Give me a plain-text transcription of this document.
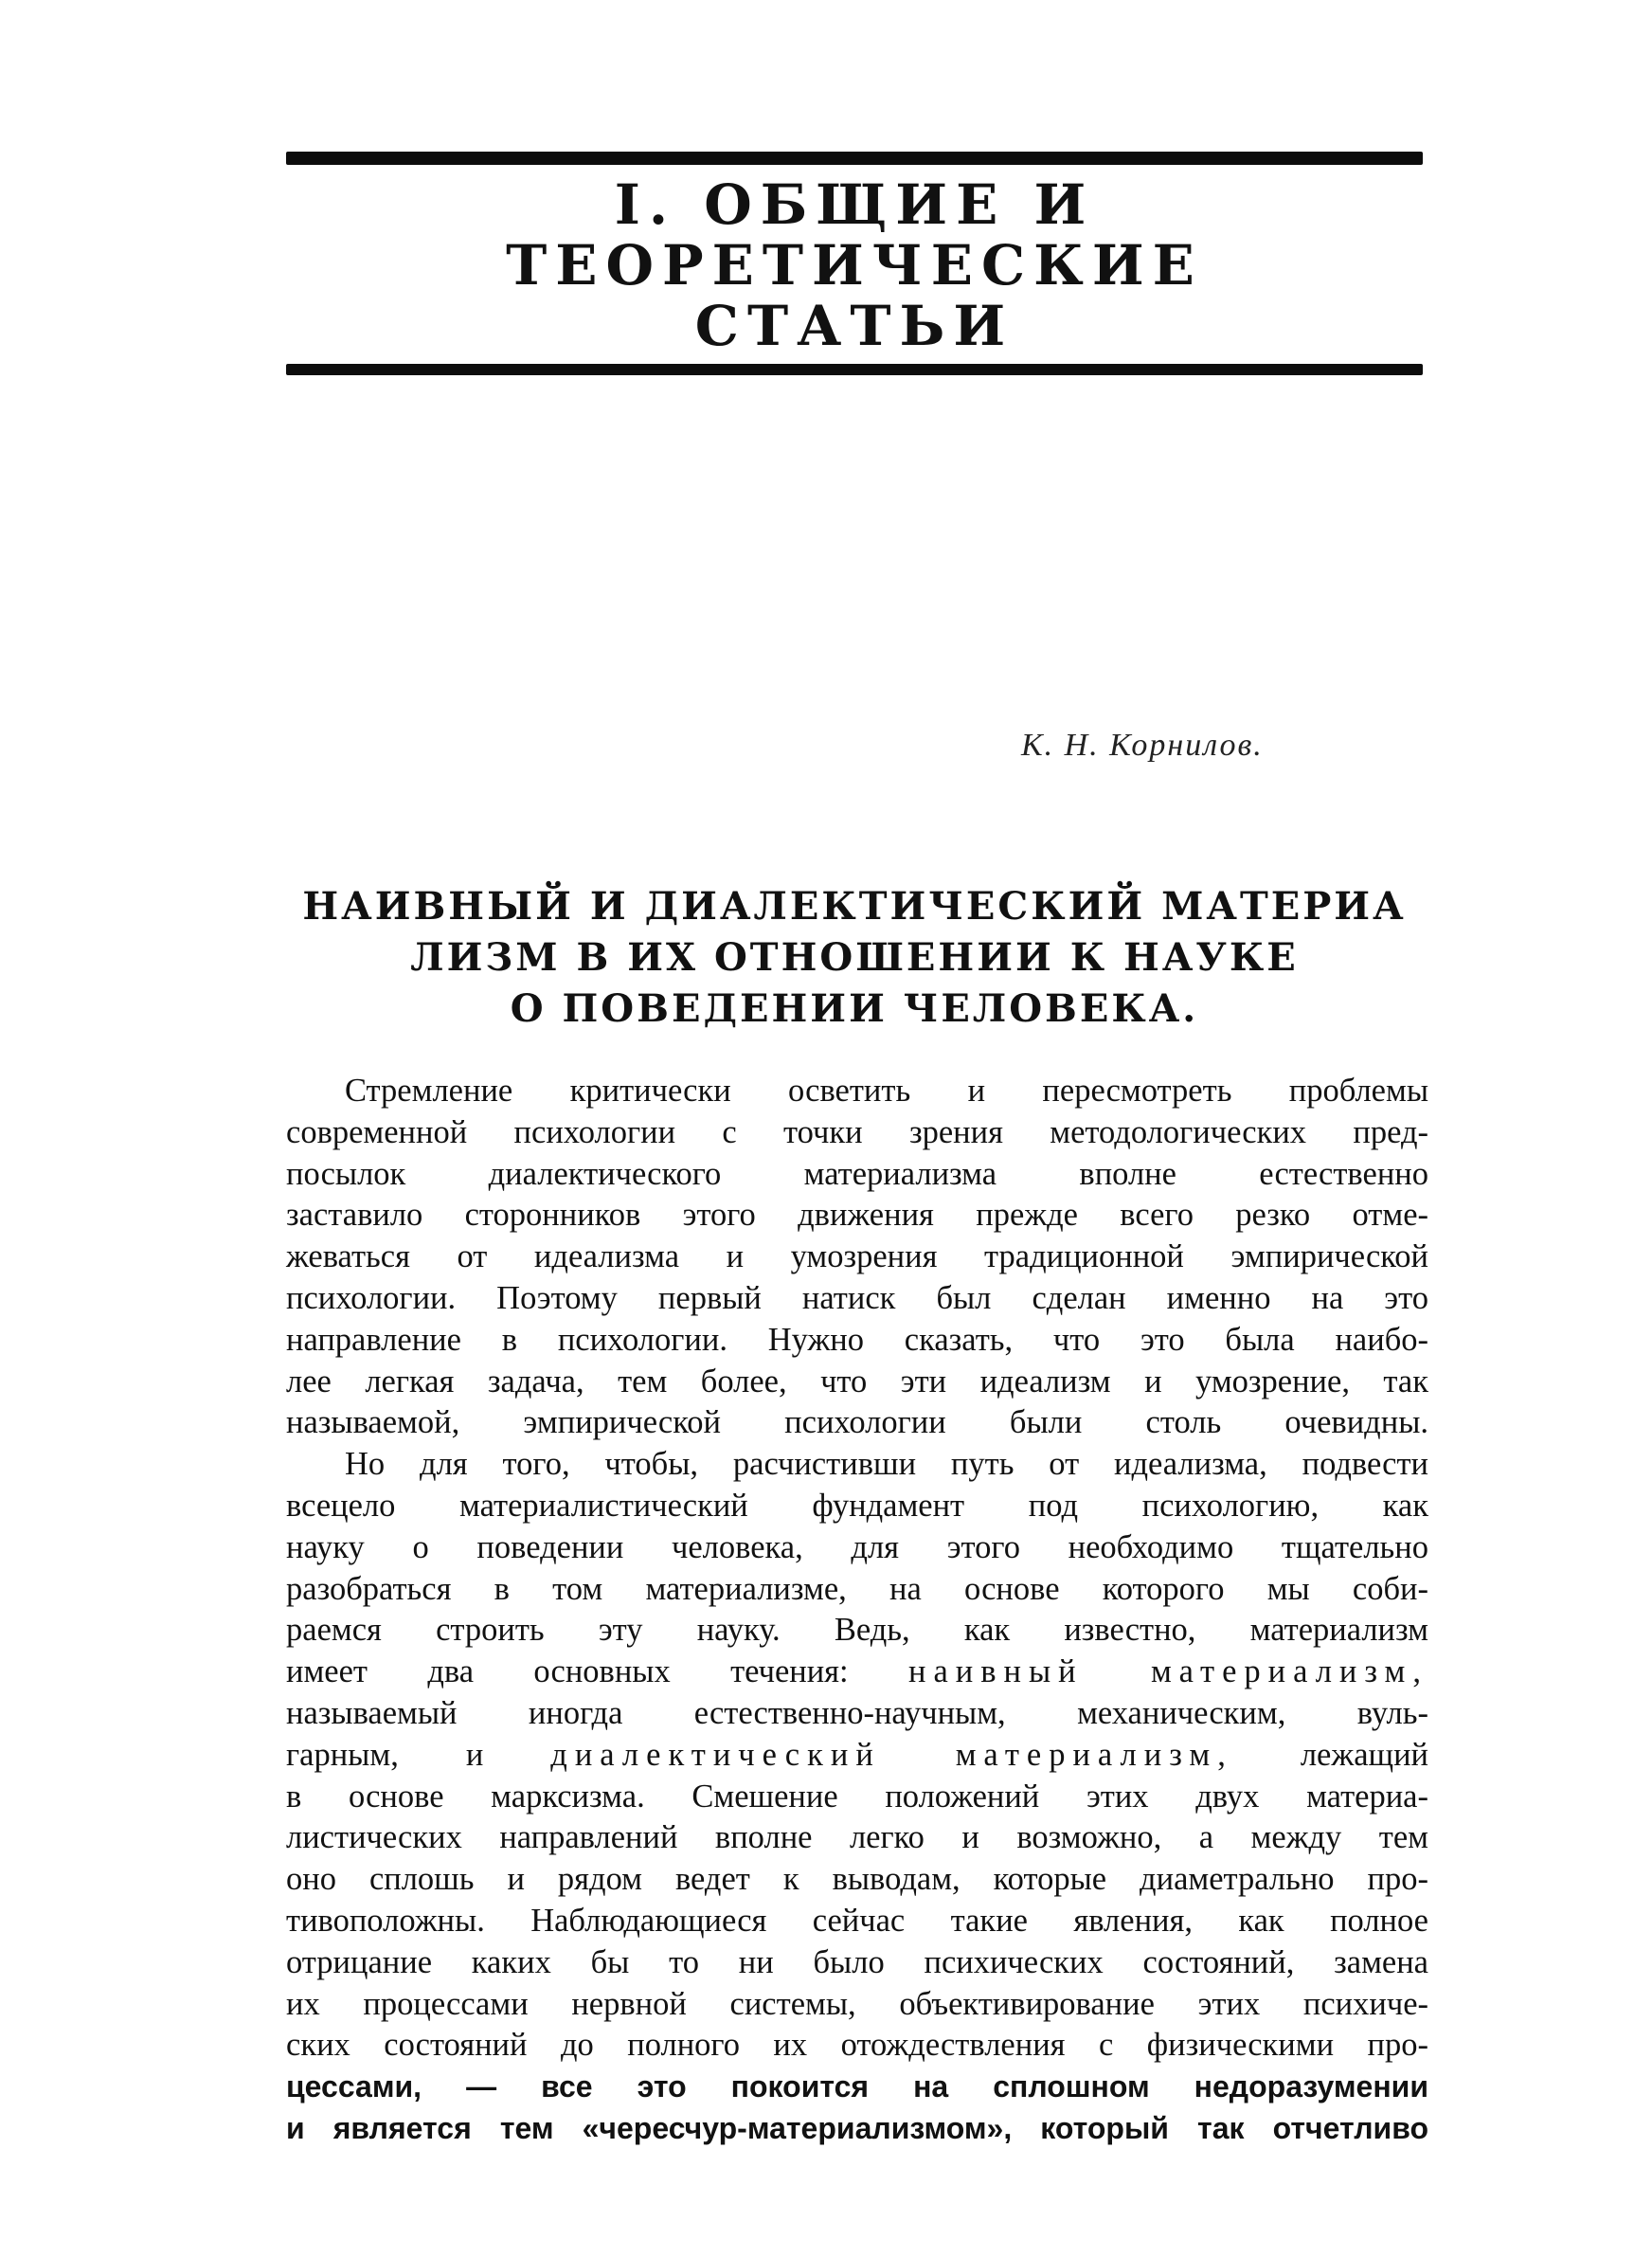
I. ОБЩИЕ И ТЕОРЕТИЧЕСКИЕ
СТАТЬИ
К. Н. Корнилов.
НАИВНЫЙ И ДИАЛЕКТИЧЕСКИЙ МАТЕРИА
ЛИЗМ В ИХ ОТНОШЕНИИ К НАУКЕ
О ПОВЕДЕНИИ ЧЕЛОВЕКА.
Стремление критически осветить и пересмотреть проблемы
современной психологии с точки зрения методологических пред-
посылок диалектического материализма вполне естественно
заставило сторонников этого движения прежде всего резко отме-
жеваться от идеализма и умозрения традиционной эмпирической
психологии. Поэтому первый натиск был сделан именно на это
направление в психологии. Нужно сказать, что это была наибо-
лее легкая задача, тем более, что эти идеализм и умозрение, так
называемой, эмпирической психологии были столь очевидны.
Но для того, чтобы, расчистивши путь от идеализма, подвести
всецело материалистический фундамент под психологию, как
науку о поведении человека, для этого необходимо тщательно
разобраться в том материализме, на основе которого мы соби-
раемся строить эту науку. Ведь, как известно, материализм
имеет два основных течения: наивный материализм,
называемый иногда естественно-научным, механическим, вуль-
гарным, и диалектический материализм, лежащий
в основе марксизма. Смешение положений этих двух материа-
листических направлений вполне легко и возможно, а между тем
оно сплошь и рядом ведет к выводам, которые диаметрально про-
тивоположны. Наблюдающиеся сейчас такие явления, как полное
отрицание каких бы то ни было психических состояний, замена
их процессами нервной системы, объективирование этих психиче-
ских состояний до полного их отождествления с физическими про-
цессами, — все это покоится на сплошном недоразумении
и является тем «чересчур-материализмом», который так отчетливо
